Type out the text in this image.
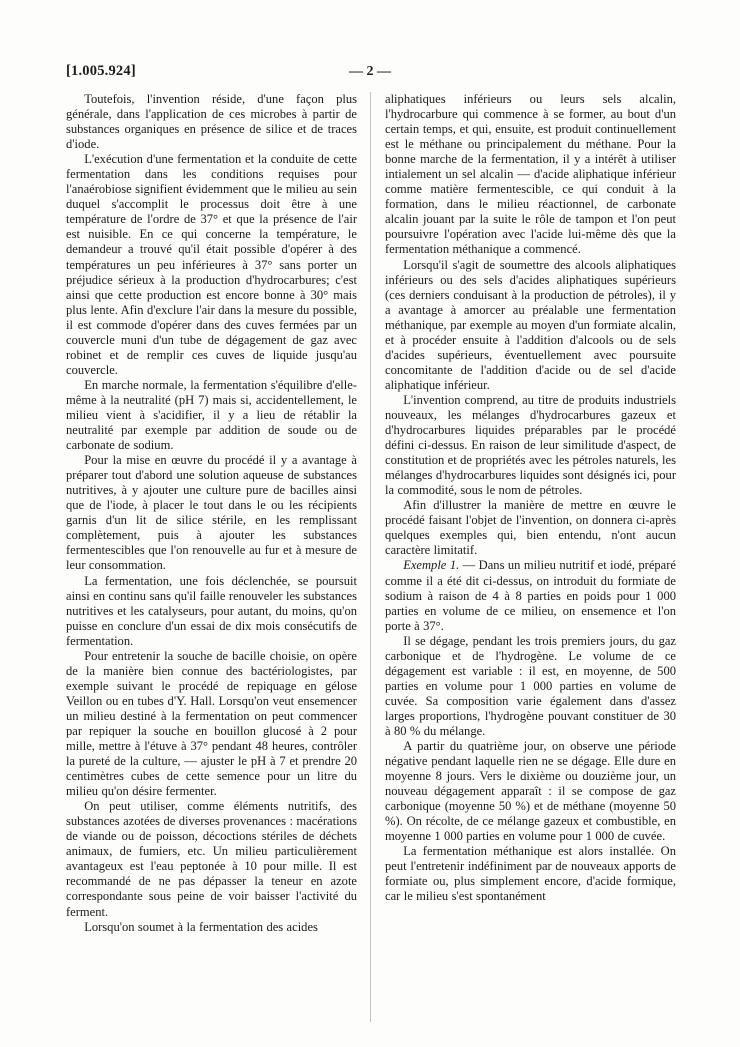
[1.005.924]	— 2 —

Toutefois, l'invention réside, d'une façon plus générale, dans l'application de ces microbes à partir de substances organiques en présence de silice et de traces d'iode.

L'exécution d'une fermentation et la conduite de cette fermentation dans les conditions requises pour l'anaérobiose signifient évidemment que le milieu au sein duquel s'accomplit le processus doit être à une température de l'ordre de 37° et que la présence de l'air est nuisible. En ce qui concerne la température, le demandeur a trouvé qu'il était possible d'opérer à des températures un peu inférieures à 37° sans porter un préjudice sérieux à la production d'hydrocarbures; c'est ainsi que cette production est encore bonne à 30° mais plus lente. Afin d'exclure l'air dans la mesure du possible, il est commode d'opérer dans des cuves fermées par un couvercle muni d'un tube de dégagement de gaz avec robinet et de remplir ces cuves de liquide jusqu'au couvercle.

En marche normale, la fermentation s'équilibre d'elle-même à la neutralité (pH 7) mais si, accidentellement, le milieu vient à s'acidifier, il y a lieu de rétablir la neutralité par exemple par addition de soude ou de carbonate de sodium.

Pour la mise en œuvre du procédé il y a avantage à préparer tout d'abord une solution aqueuse de substances nutritives, à y ajouter une culture pure de bacilles ainsi que de l'iode, à placer le tout dans le ou les récipients garnis d'un lit de silice stérile, en les remplissant complètement, puis à ajouter les substances fermentescibles que l'on renouvelle au fur et à mesure de leur consommation.

La fermentation, une fois déclenchée, se poursuit ainsi en continu sans qu'il faille renouveler les substances nutritives et les catalyseurs, pour autant, du moins, qu'on puisse en conclure d'un essai de dix mois consécutifs de fermentation.

Pour entretenir la souche de bacille choisie, on opère de la manière bien connue des bactériologistes, par exemple suivant le procédé de repiquage en gélose Veillon ou en tubes d'Y. Hall. Lorsqu'on veut ensemencer un milieu destiné à la fermentation on peut commencer par repiquer la souche en bouillon glucosé à 2 pour mille, mettre à l'étuve à 37° pendant 48 heures, contrôler la pureté de la culture, — ajuster le pH à 7 et prendre 20 centimètres cubes de cette semence pour un litre du milieu qu'on désire fermenter.

On peut utiliser, comme éléments nutritifs, des substances azotées de diverses provenances : macérations de viande ou de poisson, décoctions stériles de déchets animaux, de fumiers, etc. Un milieu particulièrement avantageux est l'eau peptonée à 10 pour mille. Il est recommandé de ne pas dépasser la teneur en azote correspondante sous peine de voir baisser l'activité du ferment.

Lorsqu'on soumet à la fermentation des acides

aliphatiques inférieurs ou leurs sels alcalin, l'hydrocarbure qui commence à se former, au bout d'un certain temps, et qui, ensuite, est produit continuellement est le méthane ou principalement du méthane. Pour la bonne marche de la fermentation, il y a intérêt à utiliser intialement un sel alcalin — d'acide aliphatique inférieur comme matière fermentescible, ce qui conduit à la formation, dans le milieu réactionnel, de carbonate alcalin jouant par la suite le rôle de tampon et l'on peut poursuivre l'opération avec l'acide lui-même dès que la fermentation méthanique a commencé.

Lorsqu'il s'agit de soumettre des alcools aliphatiques inférieurs ou des sels d'acides aliphatiques supérieurs (ces derniers conduisant à la production de pétroles), il y a avantage à amorcer au préalable une fermentation méthanique, par exemple au moyen d'un formiate alcalin, et à procéder ensuite à l'addition d'alcools ou de sels d'acides supérieurs, éventuellement avec poursuite concomitante de l'addition d'acide ou de sel d'acide aliphatique inférieur.

L'invention comprend, au titre de produits industriels nouveaux, les mélanges d'hydrocarbures gazeux et d'hydrocarbures liquides préparables par le procédé défini ci-dessus. En raison de leur similitude d'aspect, de constitution et de propriétés avec les pétroles naturels, les mélanges d'hydrocarbures liquides sont désignés ici, pour la commodité, sous le nom de pétroles.

Afin d'illustrer la manière de mettre en œuvre le procédé faisant l'objet de l'invention, on donnera ci-après quelques exemples qui, bien entendu, n'ont aucun caractère limitatif.

Exemple 1. — Dans un milieu nutritif et iodé, préparé comme il a été dit ci-dessus, on introduit du formiate de sodium à raison de 4 à 8 parties en poids pour 1 000 parties en volume de ce milieu, on ensemence et l'on porte à 37°.

Il se dégage, pendant les trois premiers jours, du gaz carbonique et de l'hydrogène. Le volume de ce dégagement est variable : il est, en moyenne, de 500 parties en volume pour 1 000 parties en volume de cuvée. Sa composition varie également dans d'assez larges proportions, l'hydrogène pouvant constituer de 30 à 80 % du mélange.

A partir du quatrième jour, on observe une période négative pendant laquelle rien ne se dégage. Elle dure en moyenne 8 jours. Vers le dixième ou douzième jour, un nouveau dégagement apparaît : il se compose de gaz carbonique (moyenne 50 %) et de méthane (moyenne 50 %). On récolte, de ce mélange gazeux et combustible, en moyenne 1 000 parties en volume pour 1 000 de cuvée.

La fermentation méthanique est alors installée. On peut l'entretenir indéfiniment par de nouveaux apports de formiate ou, plus simplement encore, d'acide formique, car le milieu s'est spontanément
